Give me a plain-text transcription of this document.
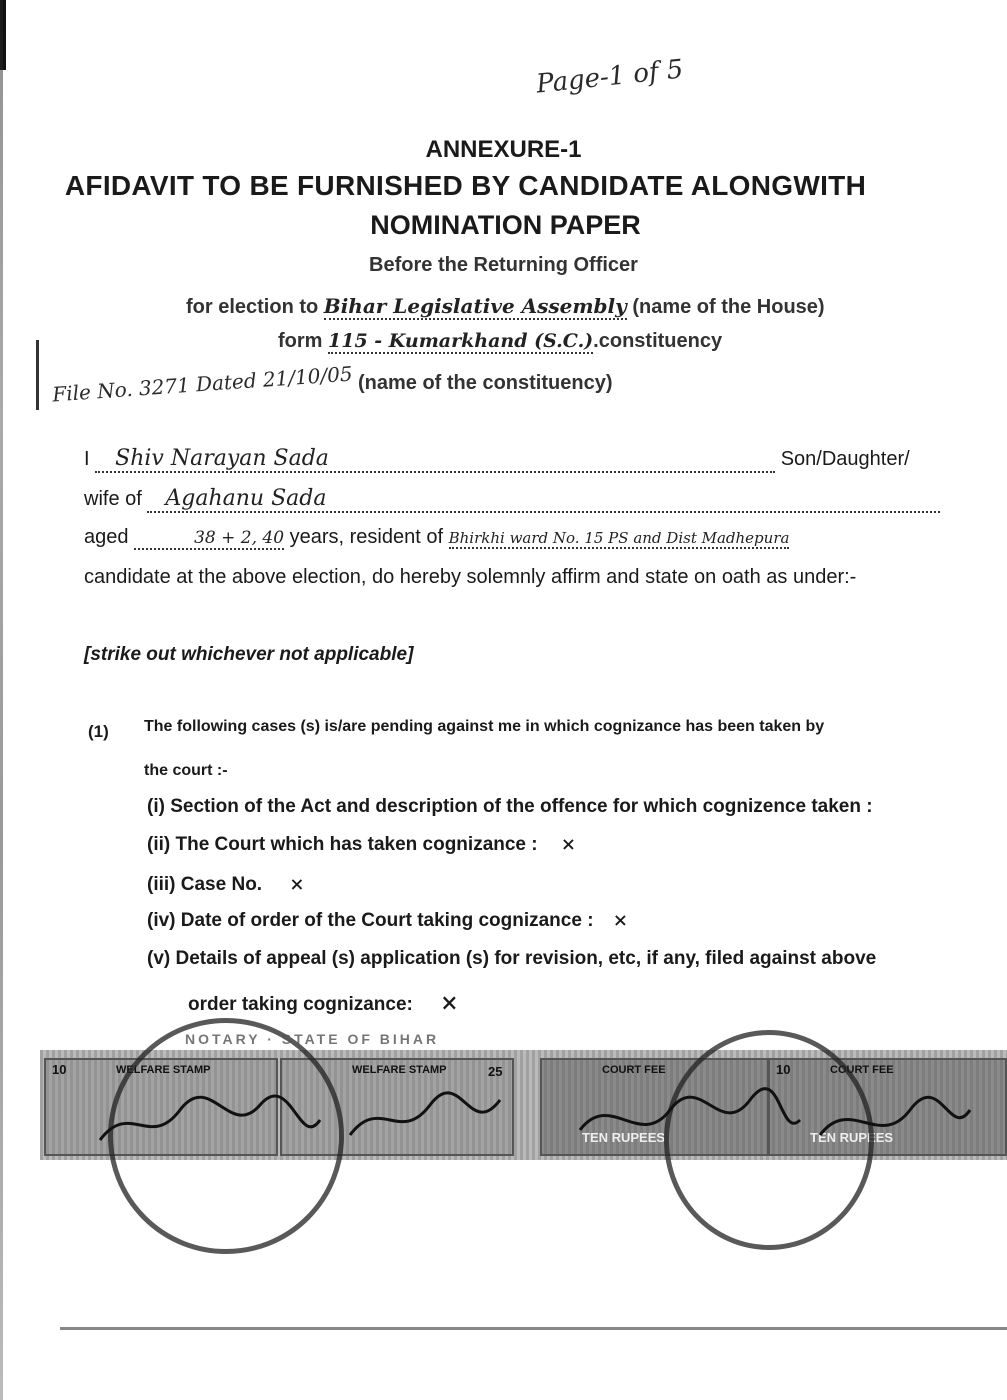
Page-1 of 5
ANNEXURE-1
AFIDAVIT TO BE FURNISHED BY CANDIDATE ALONGWITH
NOMINATION PAPER
Before the Returning Officer
for election to Bihar Legislative Assembly (name of the House)
form 115 - Kumarkhand (S.C.).constituency
File No. 3271 Dated 21/10/05 (name of the constituency)
I Shiv Narayan Sada	Son/Daughter/
wife of Agahanu Sada
aged	38 + 2, 40 years, resident of Bhirkhi ward No. 15 PS and Dist Madhepura
candidate at the above election, do hereby solemnly affirm and state on oath as under:-
[strike out whichever not applicable]
(1) The following cases (s) is/are pending against me in which cognizance has been taken by
the court :-
(i) Section of the Act and description of the offence for which cognizence taken :
(ii) The Court which has taken cognizance : ×
(iii) Case No. ×
(iv) Date of order of the Court taking cognizance : ×
(v) Details of appeal (s) application (s) for revision, etc, if any, filed against above
order taking cognizance: ×
10	WELFARE STAMP	WELFARE STAMP	25	COURT FEE
TEN RUPEES
10	COURT FEE
TEN RUPEES
NOTARY · STATE OF BIHAR
